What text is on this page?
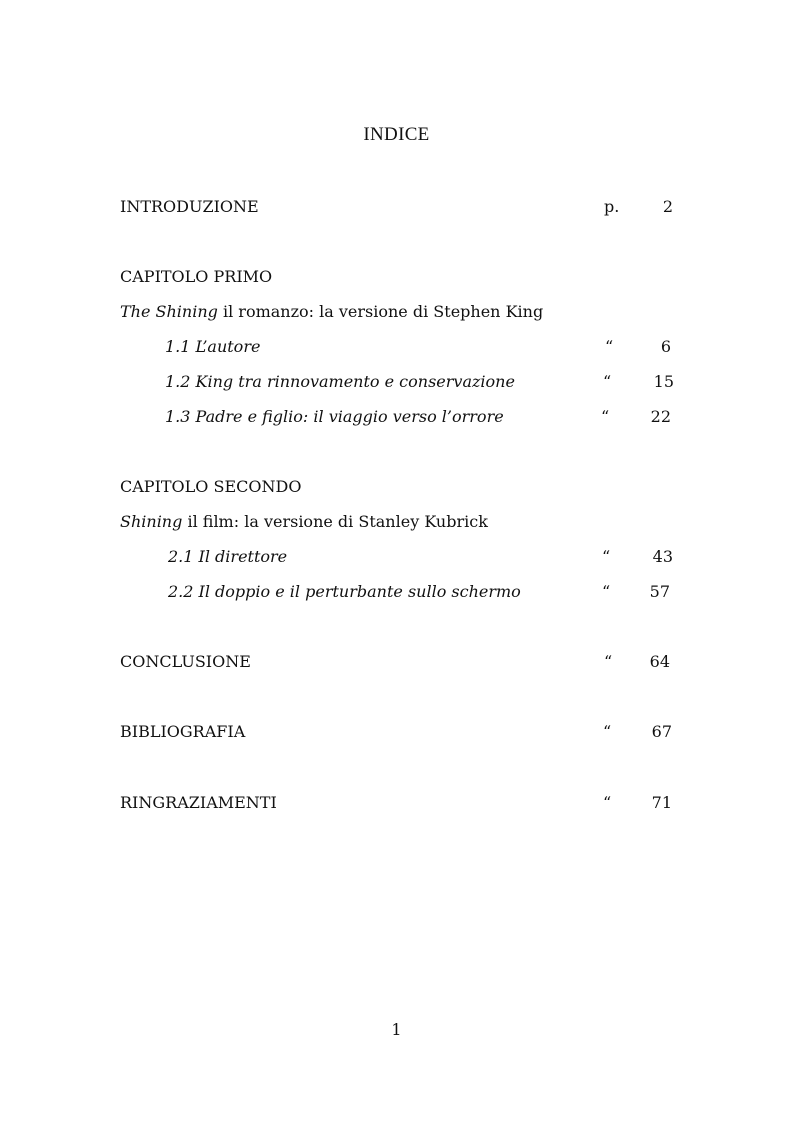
INDICE
INTRODUZIONE	p.	2
CAPITOLO PRIMO
The Shining il romanzo: la versione di Stephen King
1.1 L’autore	“	6
1.2 King tra rinnovamento e conservazione	“	15
1.3 Padre e figlio: il viaggio verso l’orrore	“	22
CAPITOLO SECONDO
Shining il film: la versione di Stanley Kubrick
2.1 Il direttore	“	43
2.2 Il doppio e il perturbante sullo schermo	“	57
CONCLUSIONE	“	64
BIBLIOGRAFIA	“	67
RINGRAZIAMENTI	“	71
1
